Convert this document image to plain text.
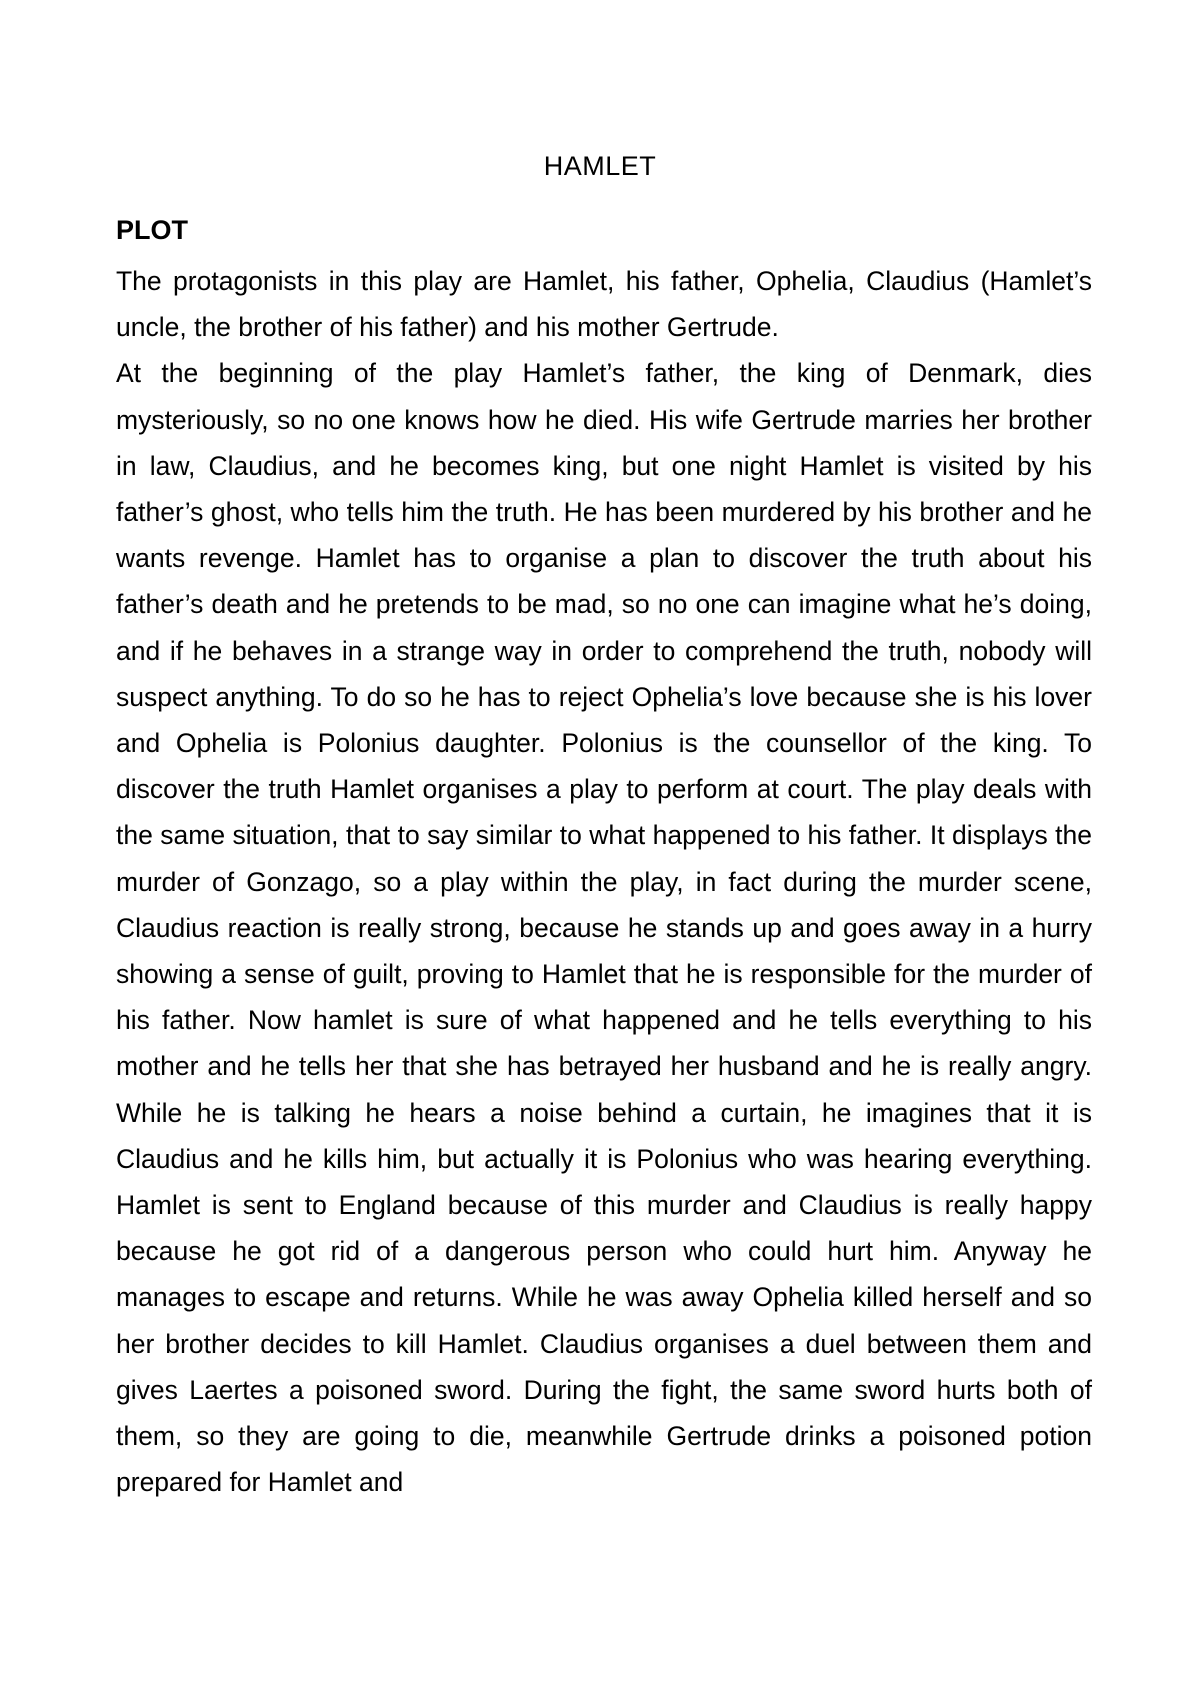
HAMLET
PLOT

The protagonists in this play are Hamlet, his father, Ophelia, Claudius (Hamlet’s uncle, the brother of his father) and his mother Gertrude.

At the beginning of the play Hamlet’s father, the king of Denmark, dies mysteriously, so no one knows how he died. His wife Gertrude marries her brother in law, Claudius, and he becomes king, but one night Hamlet is visited by his father’s ghost, who tells him the truth. He has been murdered by his brother and he wants revenge. Hamlet has to organise a plan to discover the truth about his father’s death and he pretends to be mad, so no one can imagine what he’s doing, and if he behaves in a strange way in order to comprehend the truth, nobody will suspect anything. To do so he has to reject Ophelia’s love because she is his lover and Ophelia is Polonius daughter. Polonius is the counsellor of the king. To discover the truth Hamlet organises a play to perform at court. The play deals with the same situation, that to say similar to what happened to his father. It displays the murder of Gonzago, so a play within the play, in fact during the murder scene, Claudius reaction is really strong, because he stands up and goes away in a hurry showing a sense of guilt, proving to Hamlet that he is responsible for the murder of his father. Now hamlet is sure of what happened and he tells everything to his mother and he tells her that she has betrayed her husband and he is really angry. While he is talking he hears a noise behind a curtain, he imagines that it is Claudius and he kills him, but actually it is Polonius who was hearing everything. Hamlet is sent to England because of this murder and Claudius is really happy because he got rid of a dangerous person who could hurt him. Anyway he manages to escape and returns. While he was away Ophelia killed herself and so her brother decides to kill Hamlet. Claudius organises a duel between them and gives Laertes a poisoned sword. During the fight, the same sword hurts both of them, so they are going to die, meanwhile Gertrude drinks a poisoned potion prepared for Hamlet and
